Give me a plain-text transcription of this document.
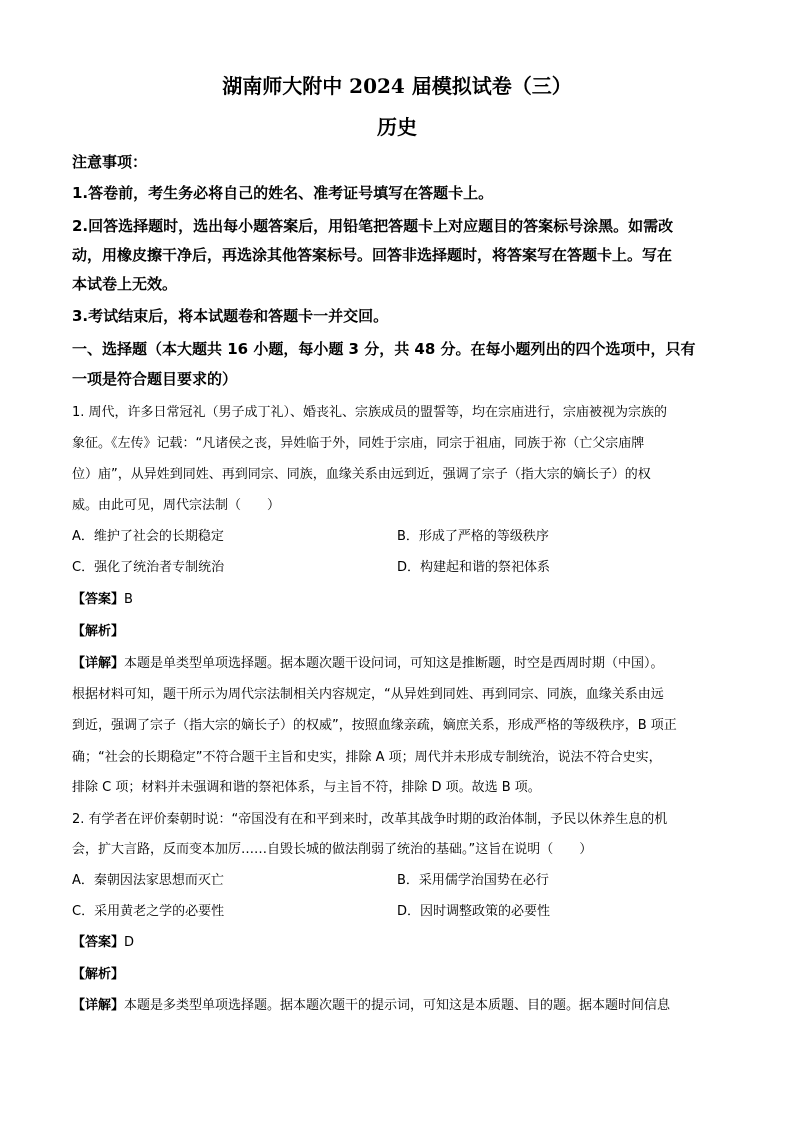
湖南师大附中 2024 届模拟试卷（三）
历史
注意事项：
1.答卷前，考生务必将自己的姓名、准考证号填写在答题卡上。
2.回答选择题时，选出每小题答案后，用铅笔把答题卡上对应题目的答案标号涂黑。如需改
动，用橡皮擦干净后，再选涂其他答案标号。回答非选择题时，将答案写在答题卡上。写在
本试卷上无效。
3.考试结束后，将本试题卷和答题卡一并交回。
一、选择题（本大题共 16 小题，每小题 3 分，共 48 分。在每小题列出的四个选项中，只有
一项是符合题目要求的）
1. 周代，许多日常冠礼（男子成丁礼）、婚丧礼、宗族成员的盟誓等，均在宗庙进行，宗庙被视为宗族的
象征。《左传》记载：“凡诸侯之丧，异姓临于外，同姓于宗庙，同宗于祖庙，同族于祢（亡父宗庙牌
位）庙”，从异姓到同姓、再到同宗、同族，血缘关系由远到近，强调了宗子（指大宗的嫡长子）的权
威。由此可见，周代宗法制（　　）
A．维护了社会的长期稳定	B．形成了严格的等级秩序
C．强化了统治者专制统治	D．构建起和谐的祭祀体系
【答案】B
【解析】
【详解】本题是单类型单项选择题。据本题次题干设问词，可知这是推断题，时空是西周时期（中国）。
根据材料可知，题干所示为周代宗法制相关内容规定，“从异姓到同姓、再到同宗、同族，血缘关系由远
到近，强调了宗子（指大宗的嫡长子）的权威”，按照血缘亲疏，嫡庶关系，形成严格的等级秩序，B 项正
确；“社会的长期稳定”不符合题干主旨和史实，排除 A 项；周代并未形成专制统治，说法不符合史实，
排除 C 项；材料并未强调和谐的祭祀体系，与主旨不符，排除 D 项。故选 B 项。
2. 有学者在评价秦朝时说：“帝国没有在和平到来时，改革其战争时期的政治体制，予民以休养生息的机
会，扩大言路，反而变本加厉……自毁长城的做法削弱了统治的基础。”这旨在说明（　　）
A．秦朝因法家思想而灭亡	B．采用儒学治国势在必行
C．采用黄老之学的必要性	D．因时调整政策的必要性
【答案】D
【解析】
【详解】本题是多类型单项选择题。据本题次题干的提示词，可知这是本质题、目的题。据本题时间信息
